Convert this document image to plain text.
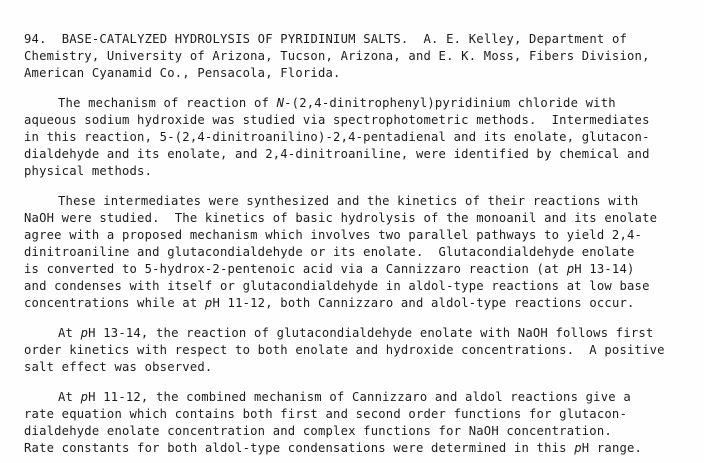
94. BASE-CATALYZED HYDROLYSIS OF PYRIDINIUM SALTS. A. E. Kelley, Department of
Chemistry, University of Arizona, Tucson, Arizona, and E. K. Moss, Fibers Division,
American Cyanamid Co., Pensacola, Florida.
The mechanism of reaction of N-(2,4-dinitrophenyl)pyridinium chloride with
aqueous sodium hydroxide was studied via spectrophotometric methods.  Intermediates
in this reaction, 5-(2,4-dinitroanilino)-2,4-pentadienal and its enolate, glutacon-
dialdehyde and its enolate, and 2,4-dinitroaniline, were identified by chemical and
physical methods.
These intermediates were synthesized and the kinetics of their reactions with
NaOH were studied.  The kinetics of basic hydrolysis of the monoanil and its enolate
agree with a proposed mechanism which involves two parallel pathways to yield 2,4-
dinitroaniline and glutacondialdehyde or its enolate.  Glutacondialdehyde enolate
is converted to 5-hydrox-2-pentenoic acid via a Cannizzaro reaction (at pH 13-14)
and condenses with itself or glutacondialdehyde in aldol-type reactions at low base
concentrations while at pH 11-12, both Cannizzaro and aldol-type reactions occur.
At pH 13-14, the reaction of glutacondialdehyde enolate with NaOH follows first
order kinetics with respect to both enolate and hydroxide concentrations.  A positive
salt effect was observed.
At pH 11-12, the combined mechanism of Cannizzaro and aldol reactions give a
rate equation which contains both first and second order functions for glutacon-
dialdehyde enolate concentration and complex functions for NaOH concentration.
Rate constants for both aldol-type condensations were determined in this pH range.
